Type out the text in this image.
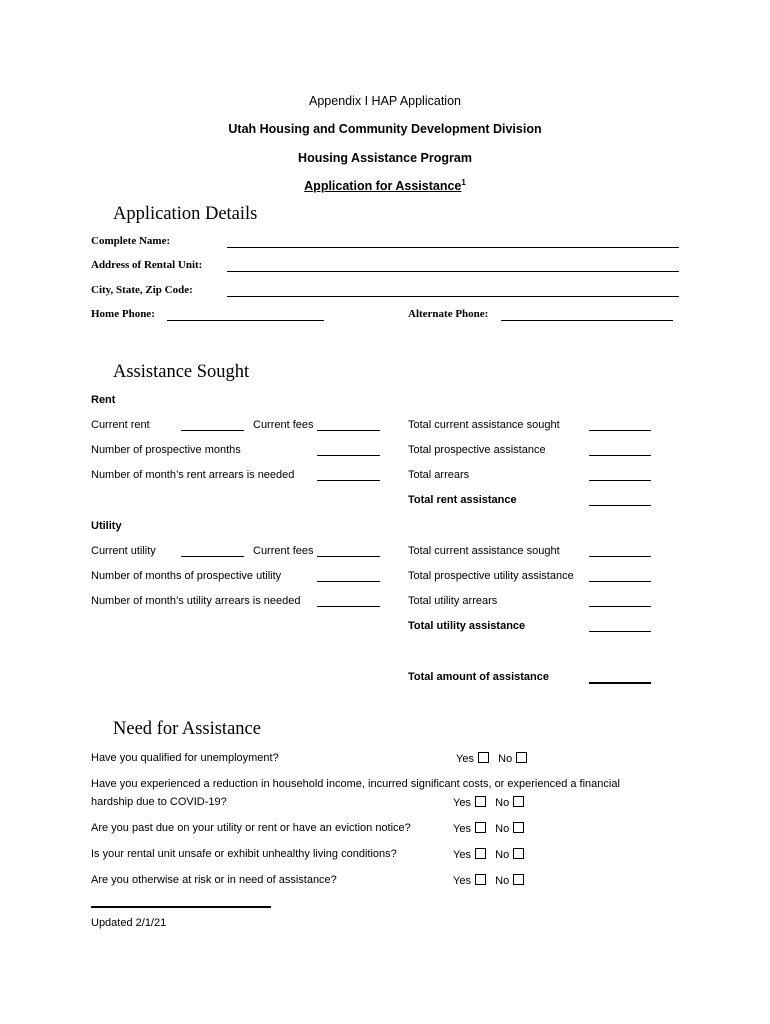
Appendix I HAP Application
Utah Housing and Community Development Division
Housing Assistance Program
Application for Assistance$^1$
Application Details
Complete Name:
Address of Rental Unit:
City, State, Zip Code:
Home Phone:	Alternate Phone:
Assistance Sought
Rent
Current rent	Current fees	Total current assistance sought
Number of prospective months	Total prospective assistance
Number of month’s rent arrears is needed	Total arrears
Total rent assistance
Utility
Current utility	Current fees	Total current assistance sought
Number of months of prospective utility	Total prospective utility assistance
Number of month’s utility arrears is needed	Total utility arrears
Total utility assistance
Total amount of assistance
Need for Assistance
Have you qualified for unemployment?	Yes No
Have you experienced a reduction in household income, incurred significant costs, or experienced a financial
hardship due to COVID-19?	Yes No
Are you past due on your utility or rent or have an eviction notice?	Yes No
Is your rental unit unsafe or exhibit unhealthy living conditions?	Yes No
Are you otherwise at risk or in need of assistance?	Yes No
Updated 2/1/21
